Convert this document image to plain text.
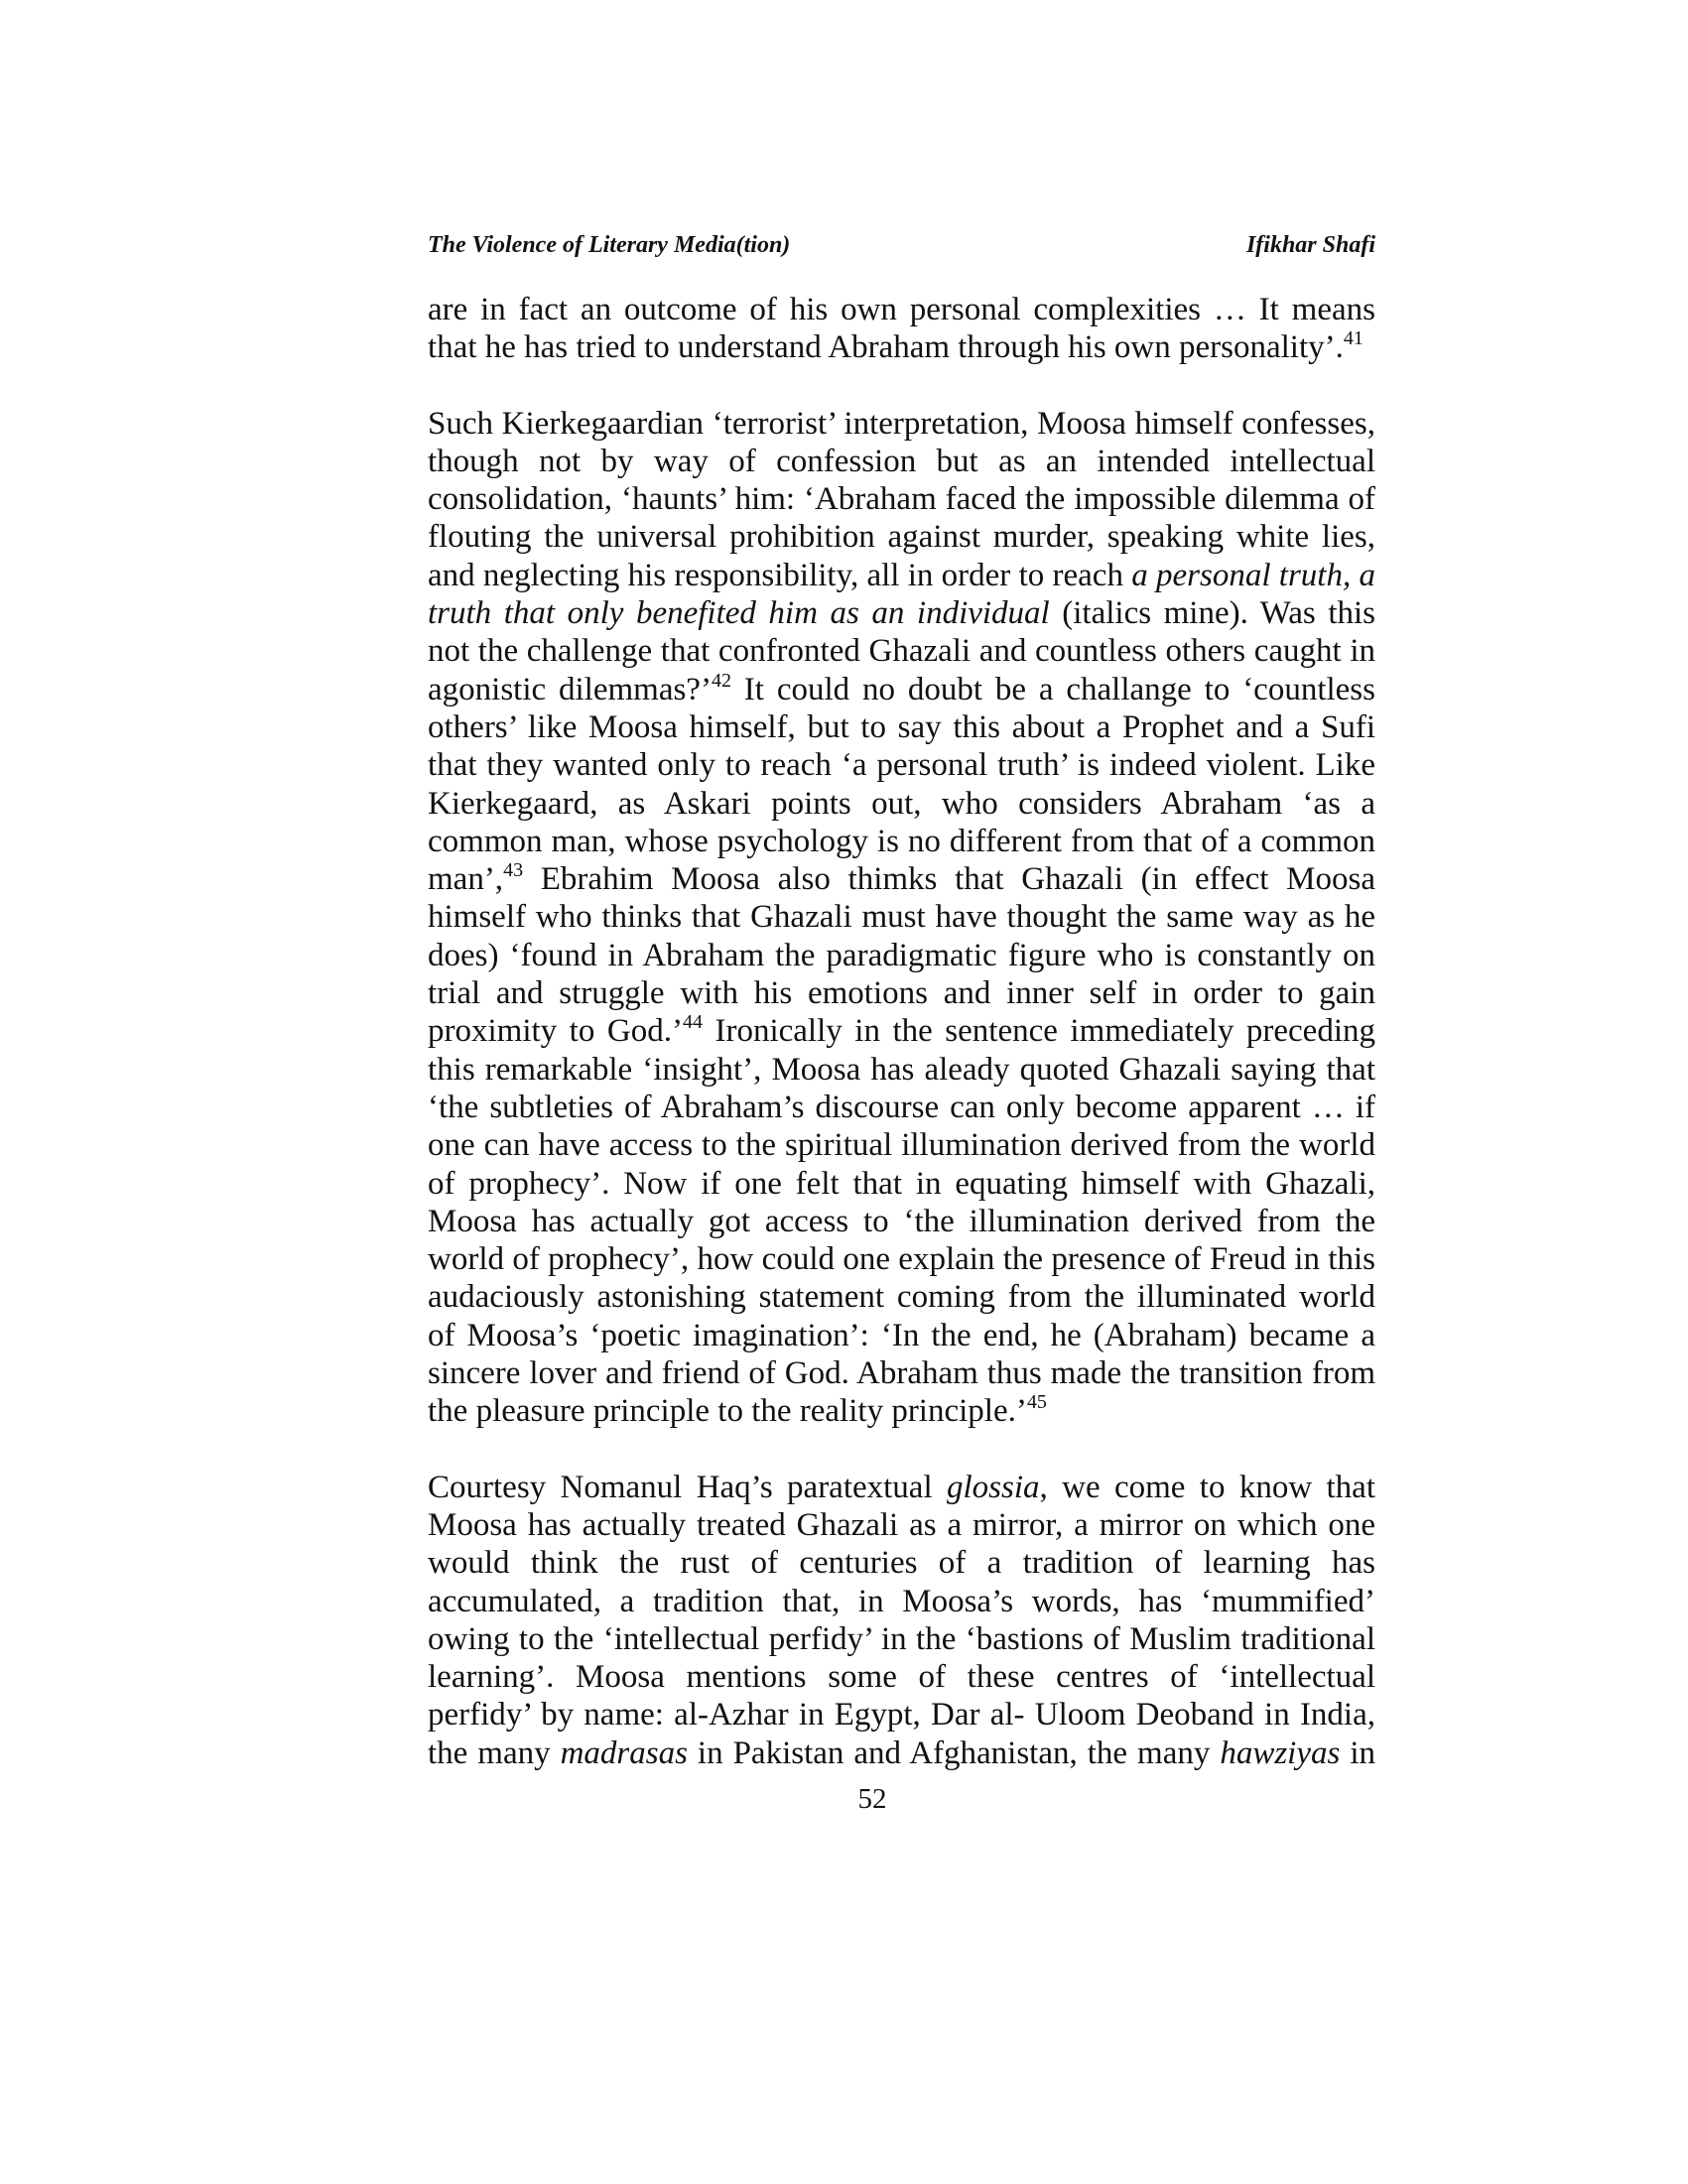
The Violence of Literary Media(tion)	Ifikhar Shafi

are in fact an outcome of his own personal complexities … It means that he has tried to understand Abraham through his own personality’.$^{41}$

Such Kierkegaardian ‘terrorist’ interpretation, Moosa himself confesses, though not by way of confession but as an intended intellectual consolidation, ‘haunts’ him: ‘Abraham faced the impossible dilemma of flouting the universal prohibition against murder, speaking white lies, and neglecting his responsibility, all in order to reach a personal truth, a truth that only benefited him as an individual (italics mine). Was this not the challenge that confronted Ghazali and countless others caught in agonistic dilemmas?’$^{42}$ It could no doubt be a challange to ‘countless others’ like Moosa himself, but to say this about a Prophet and a Sufi that they wanted only to reach ‘a personal truth’ is indeed violent. Like Kierkegaard, as Askari points out, who considers Abraham ‘as a common man, whose psychology is no different from that of a common man’,$^{43}$ Ebrahim Moosa also thimks that Ghazali (in effect Moosa himself who thinks that Ghazali must have thought the same way as he does) ‘found in Abraham the paradigmatic figure who is constantly on trial and struggle with his emotions and inner self in order to gain proximity to God.’$^{44}$ Ironically in the sentence immediately preceding this remarkable ‘insight’, Moosa has aleady quoted Ghazali saying that ‘the subtleties of Abraham’s discourse can only become apparent … if one can have access to the spiritual illumination derived from the world of prophecy’. Now if one felt that in equating himself with Ghazali, Moosa has actually got access to ‘the illumination derived from the world of prophecy’, how could one explain the presence of Freud in this audaciously astonishing statement coming from the illuminated world of Moosa’s ‘poetic imagination’: ‘In the end, he (Abraham) became a sincere lover and friend of God. Abraham thus made the transition from the pleasure principle to the reality principle.’$^{45}$

Courtesy Nomanul Haq’s paratextual glossia, we come to know that Moosa has actually treated Ghazali as a mirror, a mirror on which one would think the rust of centuries of a tradition of learning has accumulated, a tradition that, in Moosa’s words, has ‘mummified’ owing to the ‘intellectual perfidy’ in the ‘bastions of Muslim traditional learning’. Moosa mentions some of these centres of ‘intellectual perfidy’ by name: al-Azhar in Egypt, Dar al- Uloom Deoband in India, the many madrasas in Pakistan and Afghanistan, the many hawziyas in

52
